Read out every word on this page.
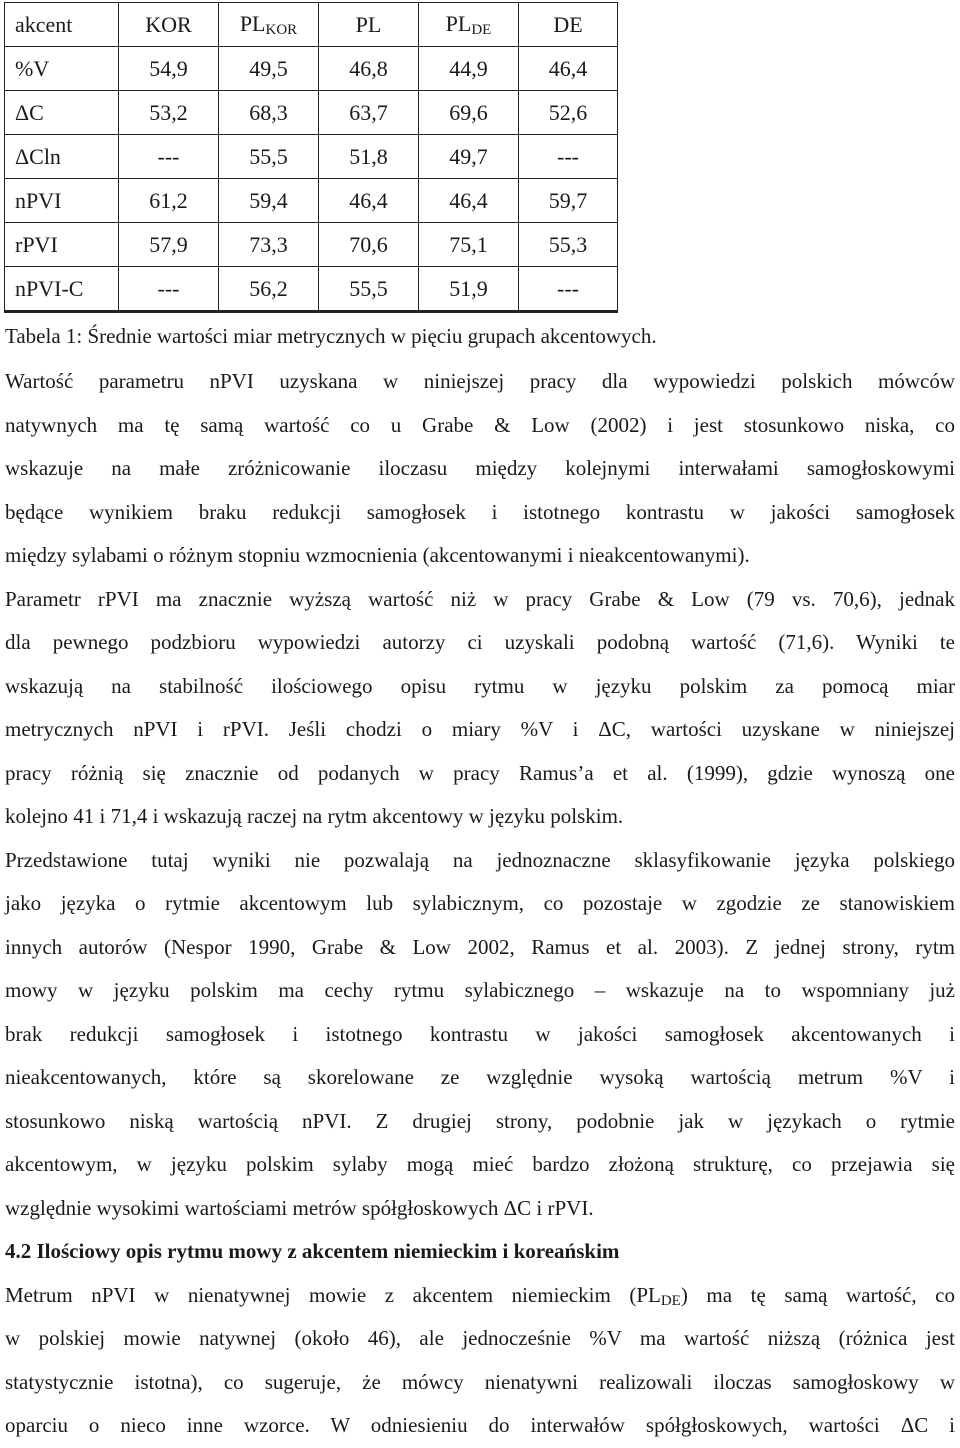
akcent	KOR	$PL_{KOR}$	PL	$PL_{DE}$	DE
%V	54,9	49,5	46,8	44,9	46,4
ΔC	53,2	68,3	63,7	69,6	52,6
ΔCln	---	55,5	51,8	49,7	---
nPVI	61,2	59,4	46,4	46,4	59,7
rPVI	57,9	73,3	70,6	75,1	55,3
nPVI-C	---	56,2	55,5	51,9	---
Tabela 1: Średnie wartości miar metrycznych w pięciu grupach akcentowych.
Wartość parametru nPVI uzyskana w niniejszej pracy dla wypowiedzi polskich mówców
natywnych ma tę samą wartość co u Grabe & Low (2002) i jest stosunkowo niska, co
wskazuje na małe zróżnicowanie iloczasu między kolejnymi interwałami samogłoskowymi
będące wynikiem braku redukcji samogłosek i istotnego kontrastu w jakości samogłosek
między sylabami o różnym stopniu wzmocnienia (akcentowanymi i nieakcentowanymi).
Parametr rPVI ma znacznie wyższą wartość niż w pracy Grabe & Low (79 vs. 70,6), jednak
dla pewnego podzbioru wypowiedzi autorzy ci uzyskali podobną wartość (71,6). Wyniki te
wskazują na stabilność ilościowego opisu rytmu w języku polskim za pomocą miar
metrycznych nPVI i rPVI. Jeśli chodzi o miary %V i ΔC, wartości uzyskane w niniejszej
pracy różnią się znacznie od podanych w pracy Ramus’a et al. (1999), gdzie wynoszą one
kolejno 41 i 71,4 i wskazują raczej na rytm akcentowy w języku polskim.
Przedstawione tutaj wyniki nie pozwalają na jednoznaczne sklasyfikowanie języka polskiego
jako języka o rytmie akcentowym lub sylabicznym, co pozostaje w zgodzie ze stanowiskiem
innych autorów (Nespor 1990, Grabe & Low 2002, Ramus et al. 2003). Z jednej strony, rytm
mowy w języku polskim ma cechy rytmu sylabicznego – wskazuje na to wspomniany już
brak redukcji samogłosek i istotnego kontrastu w jakości samogłosek akcentowanych i
nieakcentowanych, które są skorelowane ze względnie wysoką wartością metrum %V i
stosunkowo niską wartością nPVI. Z drugiej strony, podobnie jak w językach o rytmie
akcentowym, w języku polskim sylaby mogą mieć bardzo złożoną strukturę, co przejawia się
względnie wysokimi wartościami metrów spółgłoskowych ΔC i rPVI.
4.2 Ilościowy opis rytmu mowy z akcentem niemieckim i koreańskim
Metrum nPVI w nienatywnej mowie z akcentem niemieckim $(PL_{DE})$ ma tę samą wartość, co
w polskiej mowie natywnej (około 46), ale jednocześnie %V ma wartość niższą (różnica jest
statystycznie istotna), co sugeruje, że mówcy nienatywni realizowali iloczas samogłoskowy w
oparciu o nieco inne wzorce. W odniesieniu do interwałów spółgłoskowych, wartości ΔC i
